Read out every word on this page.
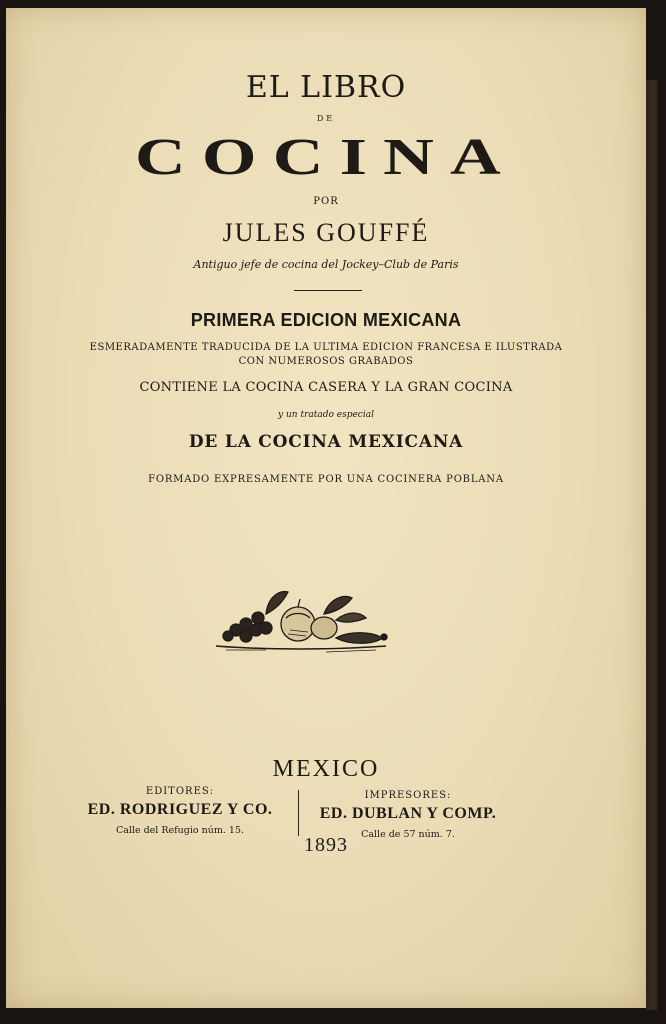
EL LIBRO
DE
COCINA
POR
JULES GOUFFÉ
Antiguo jefe de cocina del Jockey–Club de Paris
PRIMERA EDICION MEXICANA
ESMERADAMENTE TRADUCIDA DE LA ULTIMA EDICION FRANCESA E ILUSTRADA
CON NUMEROSOS GRABADOS
CONTIENE LA COCINA CASERA Y LA GRAN COCINA
y un tratado especial
DE LA COCINA MEXICANA
FORMADO EXPRESAMENTE POR UNA COCINERA POBLANA
MEXICO
EDITORES:
ED. RODRIGUEZ Y CO.
Calle del Refugio núm. 15.
IMPRESORES:
ED. DUBLAN Y COMP.
Calle de 57 núm. 7.
1893
